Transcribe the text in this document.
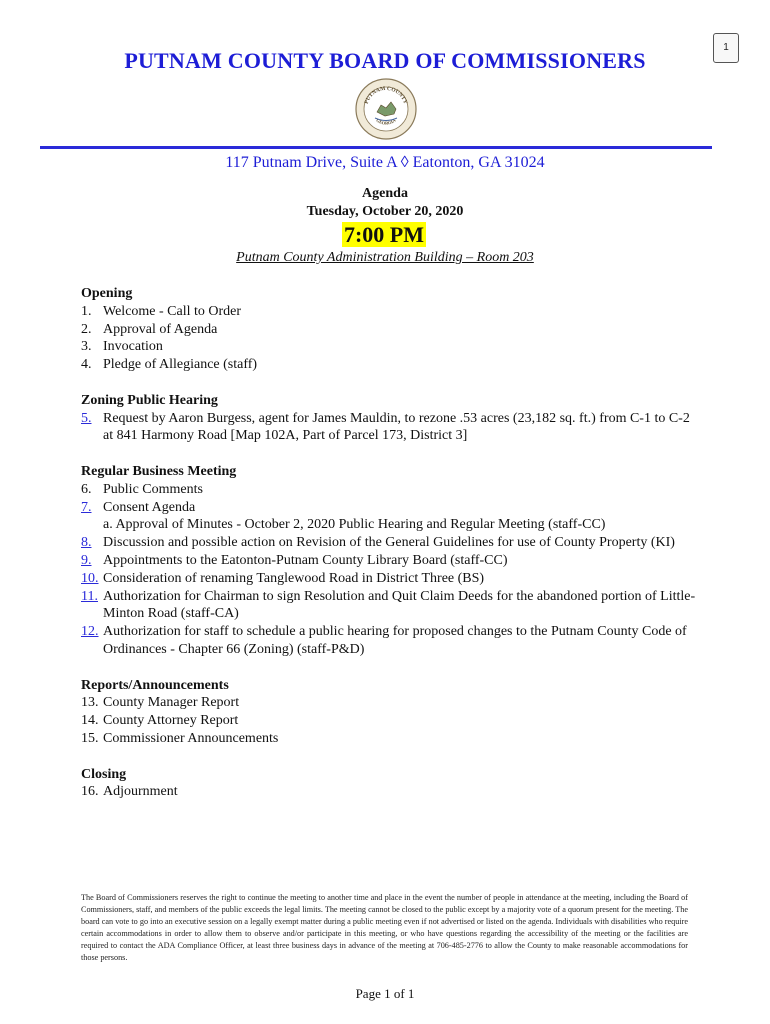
1
PUTNAM COUNTY BOARD OF COMMISSIONERS
PUTNAM COUNTY
GEORGIA
117 Putnam Drive, Suite A ◊ Eatonton, GA 31024
Agenda
Tuesday, October 20, 2020
7:00 PM
Putnam County Administration Building – Room 203
Opening
1. Welcome - Call to Order
2. Approval of Agenda
3. Invocation
4. Pledge of Allegiance (staff)
Zoning Public Hearing
5. Request by Aaron Burgess, agent for James Mauldin, to rezone .53 acres (23,182 sq. ft.) from C-1 to C-2 at 841 Harmony Road [Map 102A, Part of Parcel 173, District 3]
Regular Business Meeting
6. Public Comments
7. Consent Agenda
a. Approval of Minutes - October 2, 2020 Public Hearing and Regular Meeting (staff-CC)
8. Discussion and possible action on Revision of the General Guidelines for use of County Property (KI)
9. Appointments to the Eatonton-Putnam County Library Board (staff-CC)
10. Consideration of renaming Tanglewood Road in District Three (BS)
11. Authorization for Chairman to sign Resolution and Quit Claim Deeds for the abandoned portion of Little-Minton Road (staff-CA)
12. Authorization for staff to schedule a public hearing for proposed changes to the Putnam County Code of Ordinances - Chapter 66 (Zoning) (staff-P&D)
Reports/Announcements
13. County Manager Report
14. County Attorney Report
15. Commissioner Announcements
Closing
16. Adjournment
The Board of Commissioners reserves the right to continue the meeting to another time and place in the event the number of people in attendance at the meeting, including the Board of Commissioners, staff, and members of the public exceeds the legal limits. The meeting cannot be closed to the public except by a majority vote of a quorum present for the meeting. The board can vote to go into an executive session on a legally exempt matter during a public meeting even if not advertised or listed on the agenda. Individuals with disabilities who require certain accommodations in order to allow them to observe and/or participate in this meeting, or who have questions regarding the accessibility of the meeting or the facilities are required to contact the ADA Compliance Officer, at least three business days in advance of the meeting at 706-485-2776 to allow the County to make reasonable accommodations for those persons.
Page 1 of 1
